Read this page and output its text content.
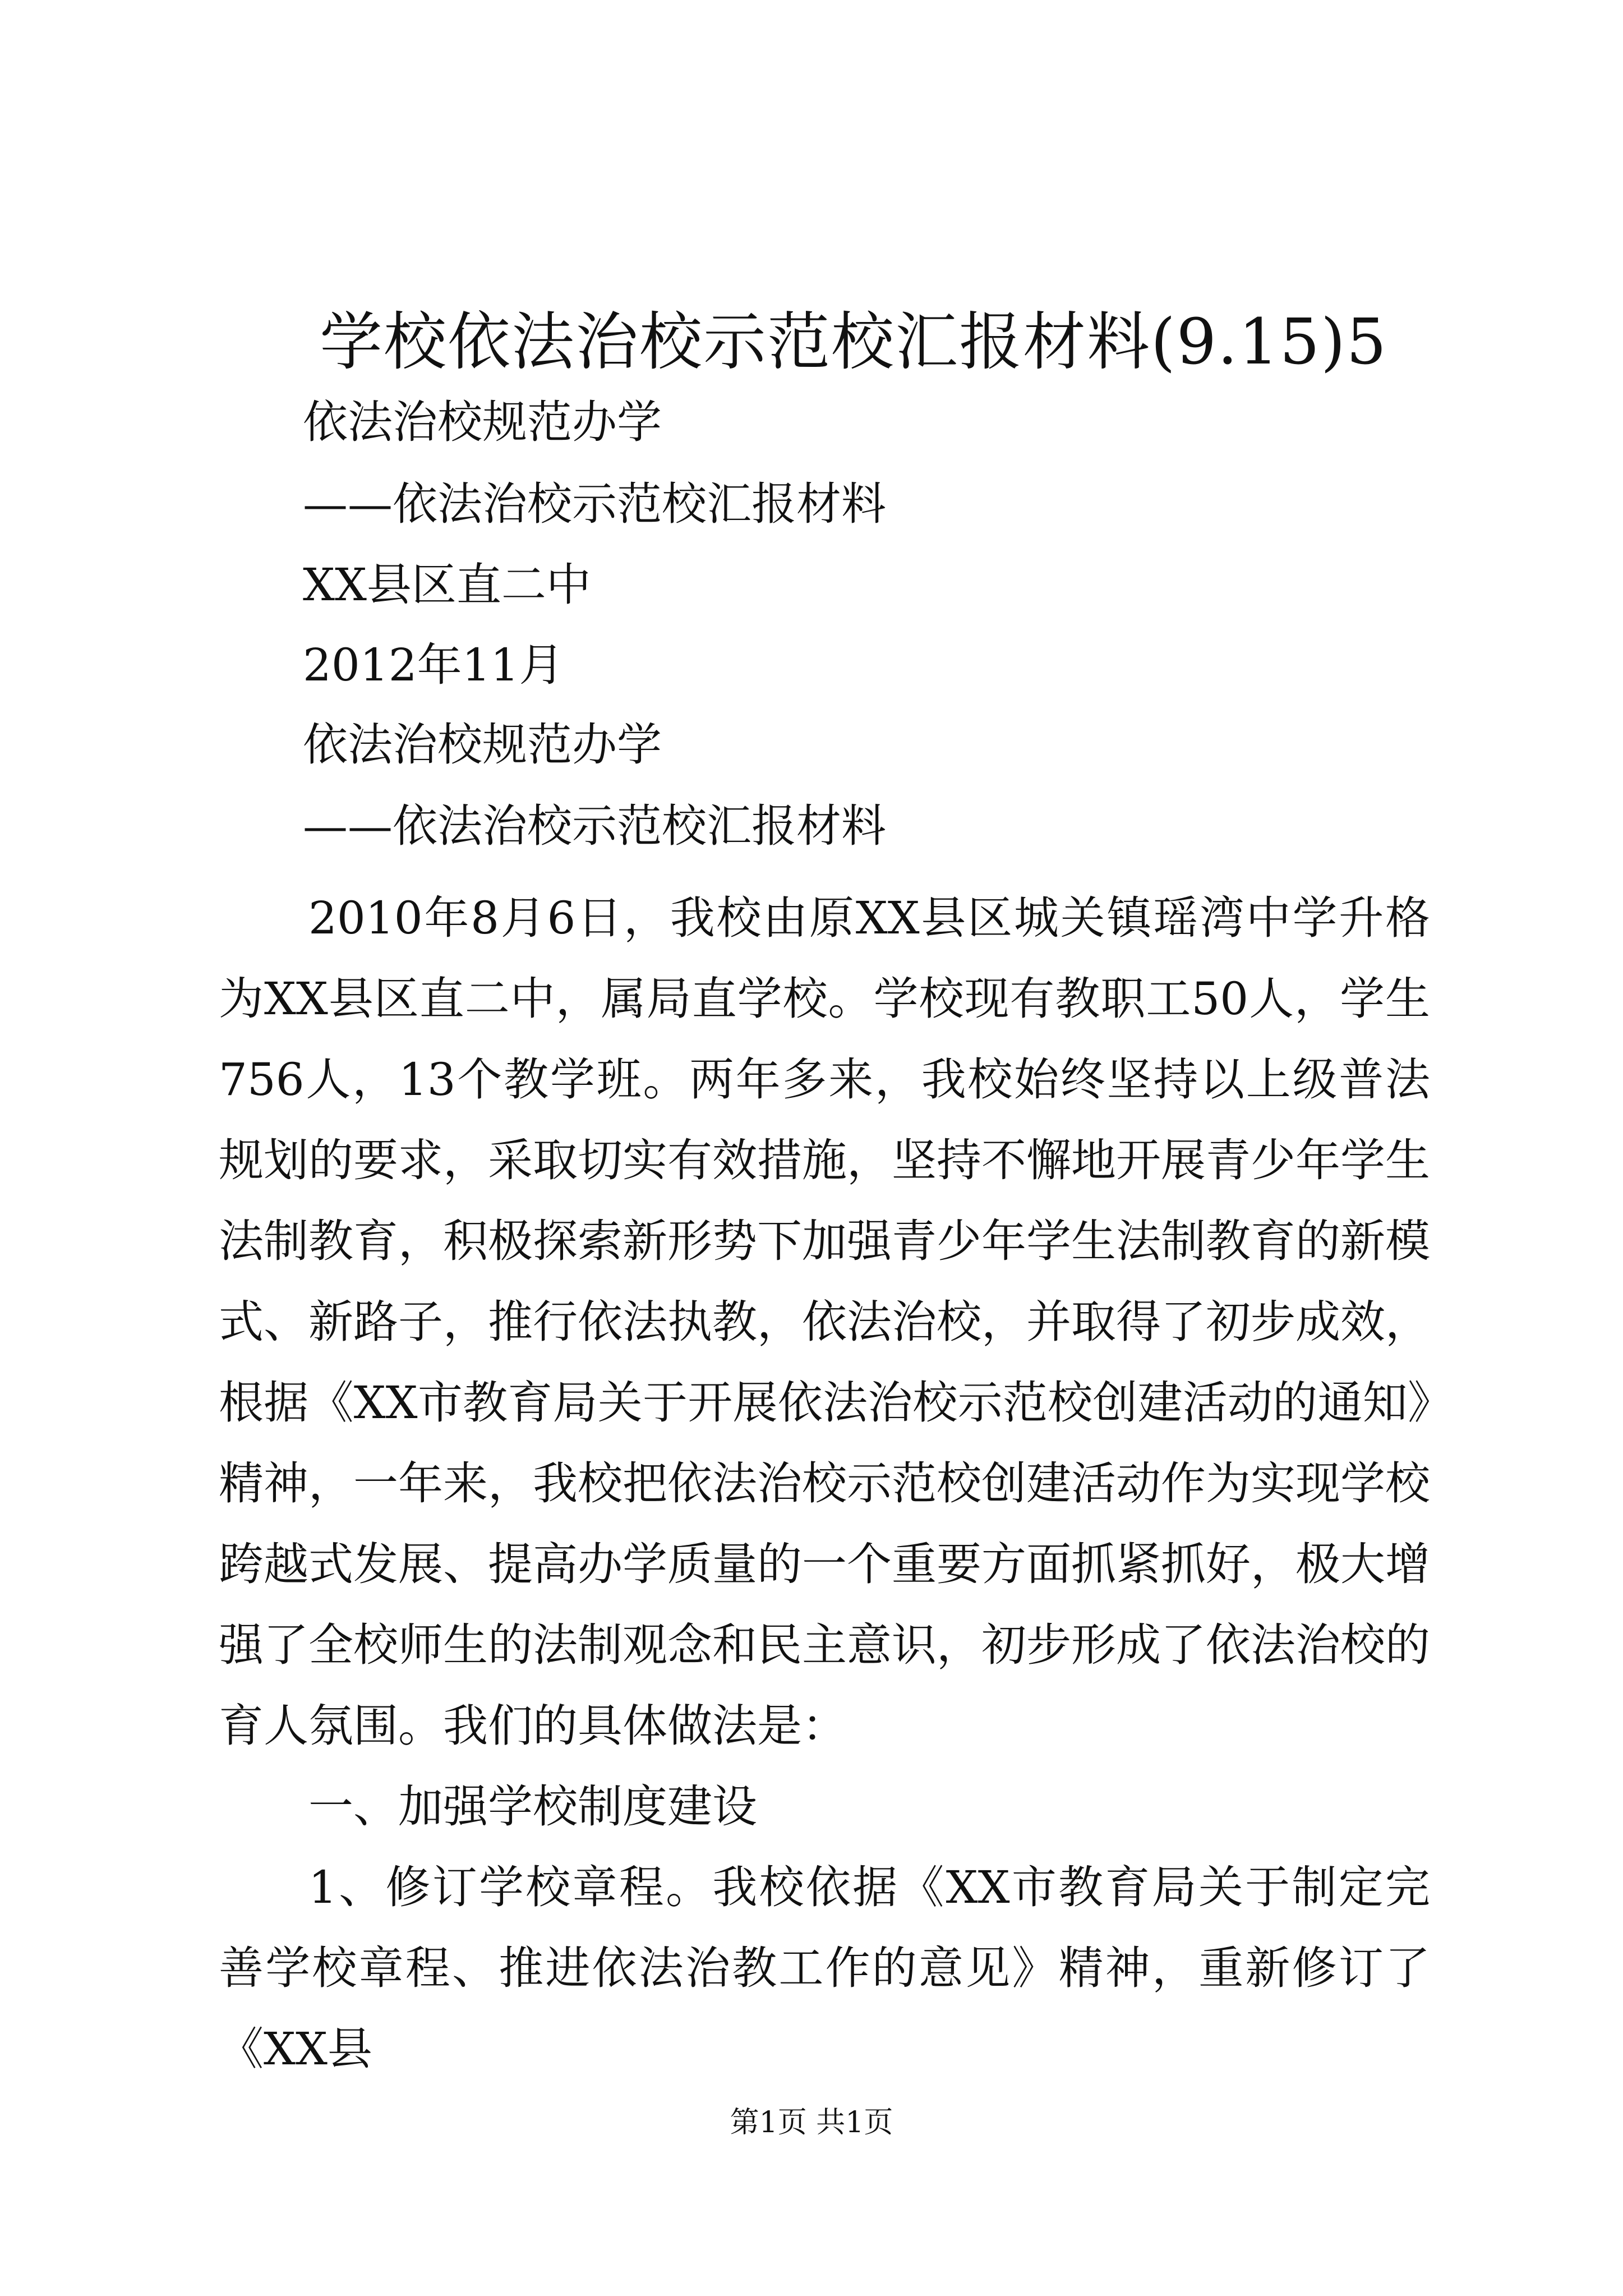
学校依法治校示范校汇报材料(9.15)5

依法治校规范办学

——依法治校示范校汇报材料

XX县区直二中

2012年11月

依法治校规范办学

——依法治校示范校汇报材料

2010年8月6日，我校由原XX县区城关镇瑶湾中学升格为XX县区直二中，属局直学校。学校现有教职工50人，学生756人，13个教学班。两年多来，我校始终坚持以上级普法规划的要求，采取切实有效措施，坚持不懈地开展青少年学生法制教育，积极探索新形势下加强青少年学生法制教育的新模式、新路子，推行依法执教，依法治校，并取得了初步成效，根据《XX市教育局关于开展依法治校示范校创建活动的通知》精神，一年来，我校把依法治校示范校创建活动作为实现学校跨越式发展、提高办学质量的一个重要方面抓紧抓好，极大增强了全校师生的法制观念和民主意识，初步形成了依法治校的育人氛围。我们的具体做法是：

一、加强学校制度建设

1、修订学校章程。我校依据《XX市教育局关于制定完善学校章程、推进依法治教工作的意见》精神，重新修订了《XX县

第1页 共1页
